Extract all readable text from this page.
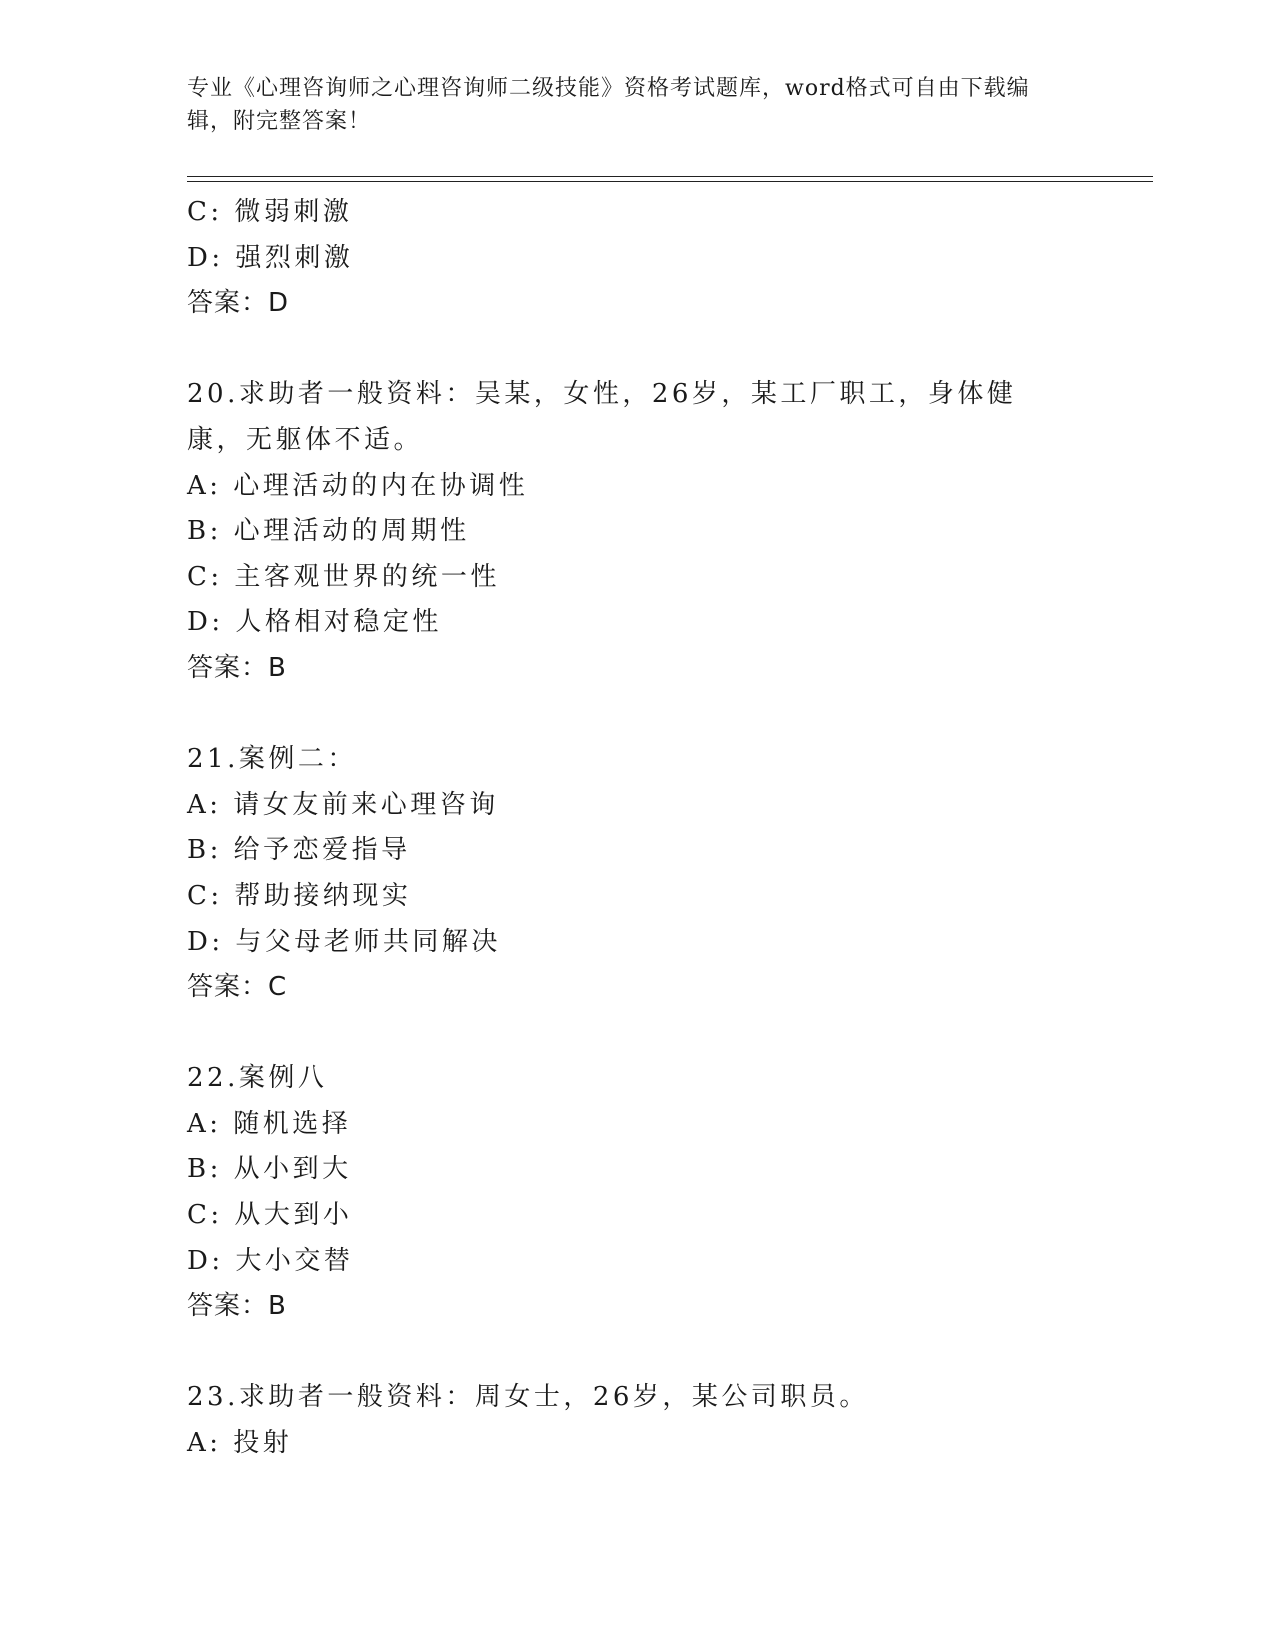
专业《心理咨询师之心理咨询师二级技能》资格考试题库，word格式可自由下载编辑，附完整答案！
C: 微弱刺激
D: 强烈刺激
答案：D
20.求助者一般资料：吴某，女性，26岁，某工厂职工，身体健康，无躯体不适。
A: 心理活动的内在协调性
B: 心理活动的周期性
C: 主客观世界的统一性
D: 人格相对稳定性
答案：B
21.案例二：
A: 请女友前来心理咨询
B: 给予恋爱指导
C: 帮助接纳现实
D: 与父母老师共同解决
答案：C
22.案例八
A: 随机选择
B: 从小到大
C: 从大到小
D: 大小交替
答案：B
23.求助者一般资料：周女士，26岁，某公司职员。
A: 投射
